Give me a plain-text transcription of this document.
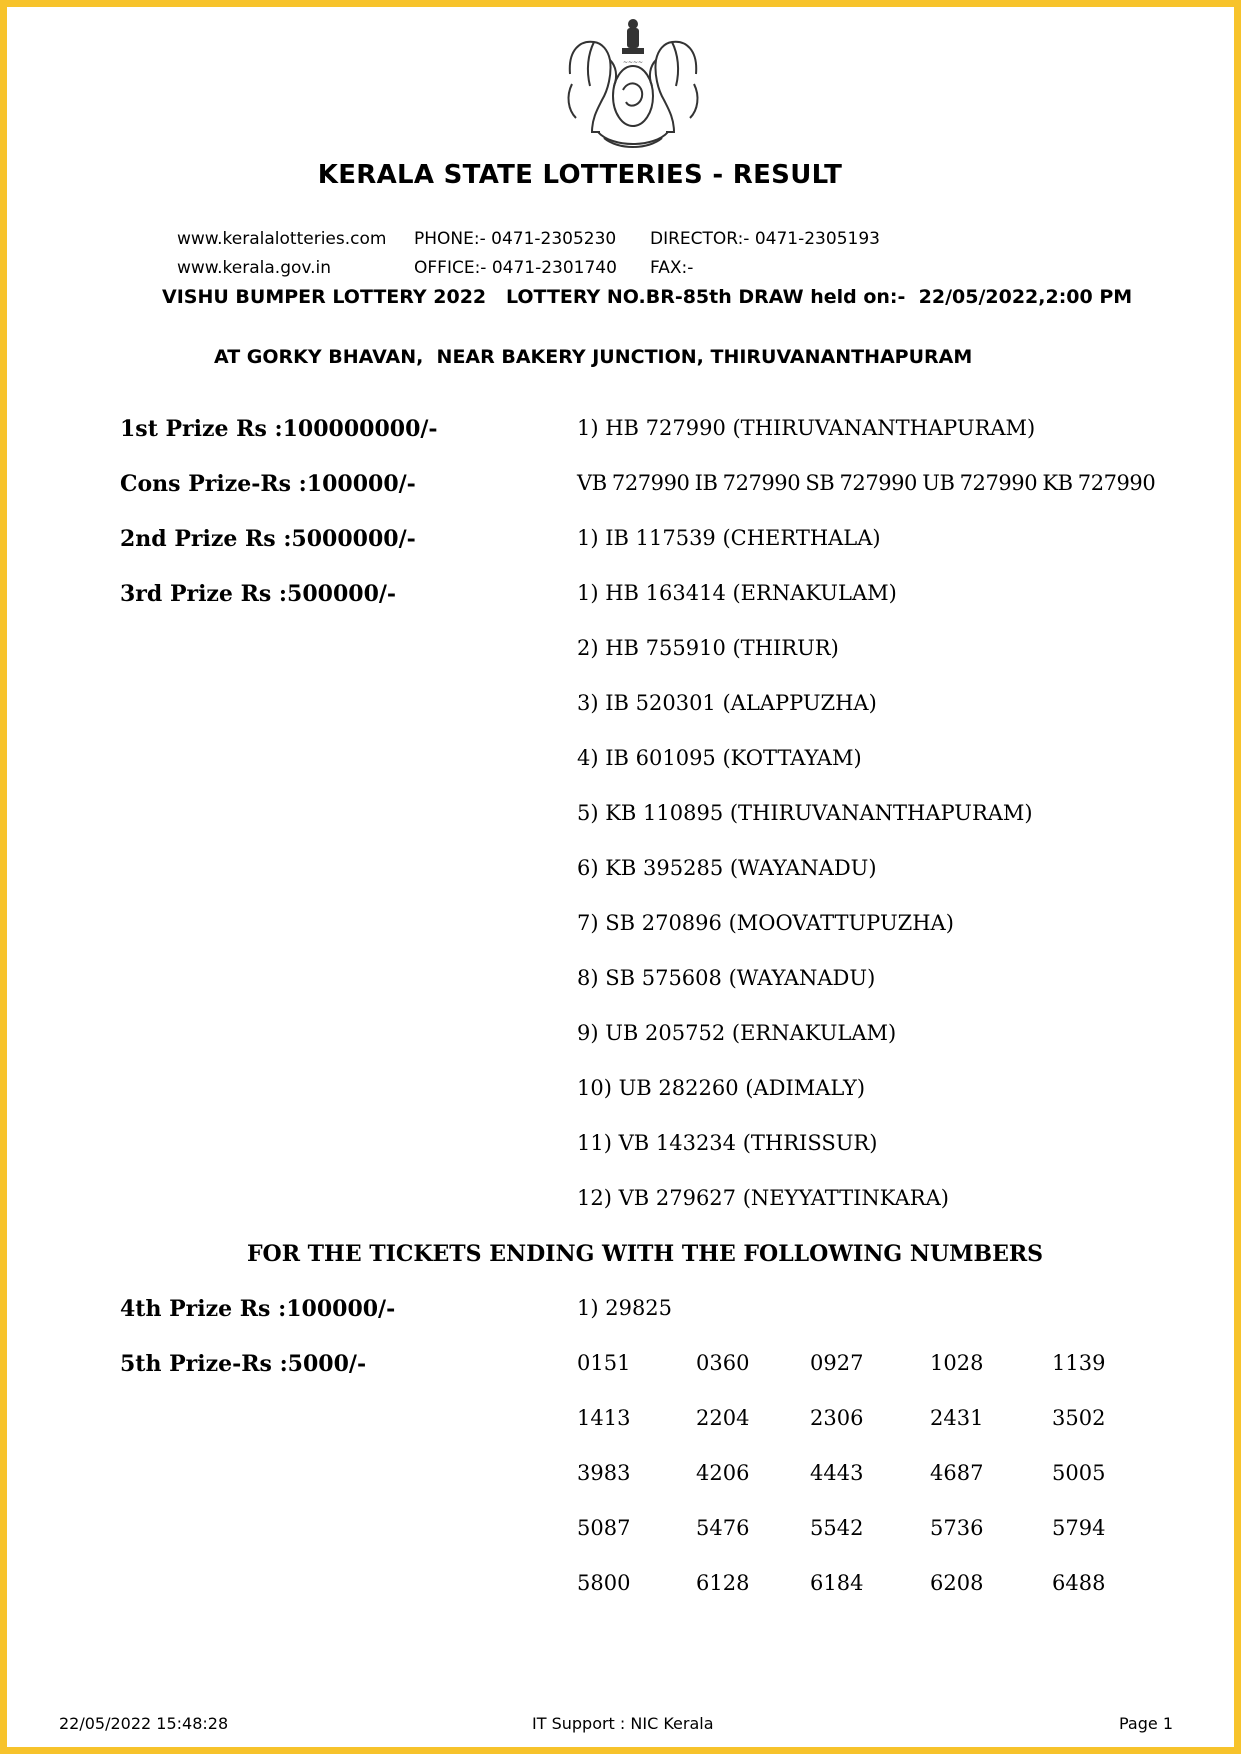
~~~~
KERALA STATE LOTTERIES - RESULT
www.keralalotteries.com
www.kerala.gov.in
PHONE:- 0471-2305230
OFFICE:- 0471-2301740
DIRECTOR:- 0471-2305193
FAX:-
VISHU BUMPER LOTTERY 2022   LOTTERY NO.BR-85th DRAW held on:-  22/05/2022,2:00 PM
AT GORKY BHAVAN,  NEAR BAKERY JUNCTION, THIRUVANANTHAPURAM
1st Prize Rs :100000000/-	1) HB 727990 (THIRUVANANTHAPURAM)
Cons Prize-Rs :100000/-	VB 727990 IB 727990 SB 727990 UB 727990 KB 727990
2nd Prize Rs :5000000/-	1) IB 117539 (CHERTHALA)
3rd Prize Rs :500000/-	1) HB 163414 (ERNAKULAM)
2) HB 755910 (THIRUR)
3) IB 520301 (ALAPPUZHA)
4) IB 601095 (KOTTAYAM)
5) KB 110895 (THIRUVANANTHAPURAM)
6) KB 395285 (WAYANADU)
7) SB 270896 (MOOVATTUPUZHA)
8) SB 575608 (WAYANADU)
9) UB 205752 (ERNAKULAM)
10) UB 282260 (ADIMALY)
11) VB 143234 (THRISSUR)
12) VB 279627 (NEYYATTINKARA)
FOR THE TICKETS ENDING WITH THE FOLLOWING NUMBERS
4th Prize Rs :100000/-	1) 29825
5th Prize-Rs :5000/-	0151	0360	0927	1028	1139
1413	2204	2306	2431	3502
3983	4206	4443	4687	5005
5087	5476	5542	5736	5794
5800	6128	6184	6208	6488
22/05/2022 15:48:28	IT Support : NIC Kerala	Page 1
